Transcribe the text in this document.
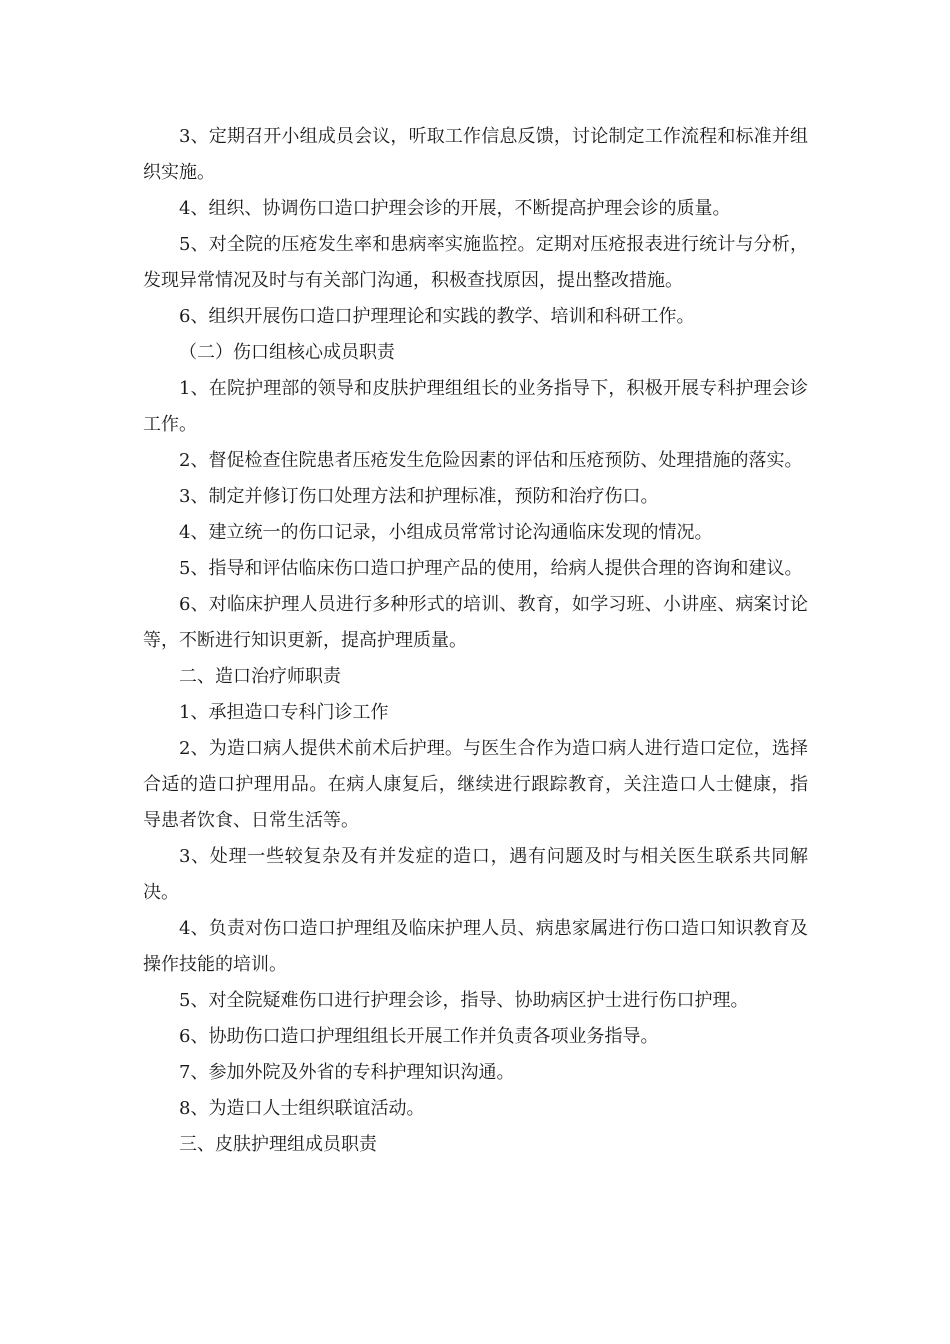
3、定期召开小组成员会议，听取工作信息反馈，讨论制定工作流程和标准并组织实施。

4、组织、协调伤口造口护理会诊的开展，不断提高护理会诊的质量。

5、对全院的压疮发生率和患病率实施监控。定期对压疮报表进行统计与分析，发现异常情况及时与有关部门沟通，积极查找原因，提出整改措施。

6、组织开展伤口造口护理理论和实践的教学、培训和科研工作。

（二）伤口组核心成员职责

1、在院护理部的领导和皮肤护理组组长的业务指导下，积极开展专科护理会诊工作。

2、督促检查住院患者压疮发生危险因素的评估和压疮预防、处理措施的落实。

3、制定并修订伤口处理方法和护理标准，预防和治疗伤口。

4、建立统一的伤口记录，小组成员常常讨论沟通临床发现的情况。

5、指导和评估临床伤口造口护理产品的使用，给病人提供合理的咨询和建议。

6、对临床护理人员进行多种形式的培训、教育，如学习班、小讲座、病案讨论等，不断进行知识更新，提高护理质量。

二、造口治疗师职责

1、承担造口专科门诊工作

2、为造口病人提供术前术后护理。与医生合作为造口病人进行造口定位，选择合适的造口护理用品。在病人康复后，继续进行跟踪教育，关注造口人士健康，指导患者饮食、日常生活等。

3、处理一些较复杂及有并发症的造口，遇有问题及时与相关医生联系共同解决。

4、负责对伤口造口护理组及临床护理人员、病患家属进行伤口造口知识教育及操作技能的培训。

5、对全院疑难伤口进行护理会诊，指导、协助病区护士进行伤口护理。

6、协助伤口造口护理组组长开展工作并负责各项业务指导。

7、参加外院及外省的专科护理知识沟通。

8、为造口人士组织联谊活动。

三、皮肤护理组成员职责
